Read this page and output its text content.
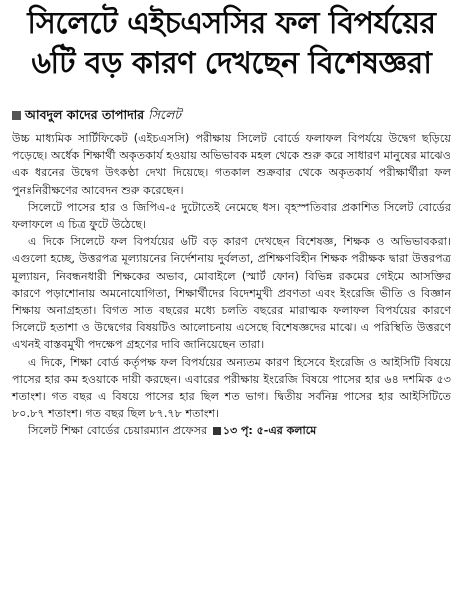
সিলেটে এইচএসসির ফল বিপর্যয়ের
৬টি বড় কারণ দেখছেন বিশেষজ্ঞরা
আবদুল কাদের তাপাদার সিলেট

উচ্চ মাধ্যমিক সার্টিফিকেট (এইচএসসি) পরীক্ষায় সিলেট বোর্ডে ফলাফল বিপর্যয়ে উদ্বেগ ছড়িয়ে পড়েছে। অর্ধেক শিক্ষার্থী অকৃতকার্য হওয়ায় অভিভাবক মহল থেকে শুরু করে সাধারণ মানুষের মাঝেও এক ধরনের উদ্বেগ উৎকণ্ঠা দেখা দিয়েছে। গতকাল শুক্রবার থেকে অকৃতকার্য পরীক্ষার্থীরা ফল পুনঃনিরীক্ষণের আবেদন শুরু করেছেন।

সিলেটে পাসের হার ও জিপিএ-৫ দুটোতেই নেমেছে ধস। বৃহস্পতিবার প্রকাশিত সিলেট বোর্ডের ফলাফলে এ চিত্র ফুটে উঠেছে।

এ দিকে সিলেটে ফল বিপর্যয়ের ৬টি বড় কারণ দেখছেন বিশেষজ্ঞ, শিক্ষক ও অভিভাবকরা। এগুলো হচ্ছে, উত্তরপত্র মূল্যায়নের নির্দেশনায় দুর্বলতা, প্রশিক্ষণবিহীন শিক্ষক পরীক্ষক দ্বারা উত্তরপত্র মূল্যায়ন, নিবন্ধনধারী শিক্ষকের অভাব, মোবাইলে (স্মার্ট ফোন) বিভিন্ন রকমের গেইমে আসক্তির কারণে পড়াশোনায় অমনোযোগিতা, শিক্ষার্থীদের বিদেশমুখী প্রবণতা এবং ইংরেজি ভীতি ও বিজ্ঞান শিক্ষায় অনাগ্রহতা। বিগত সাত বছরের মধ্যে চলতি বছরের মারাত্মক ফলাফল বিপর্যয়ের কারণে সিলেটে হতাশা ও উদ্বেগের বিষয়টিও আলোচনায় এসেছে বিশেষজ্ঞদের মাঝে। এ পরিস্থিতি উত্তরণে এখনই বাস্তবমুখী পদক্ষেপ গ্রহণের দাবি জানিয়েছেন তারা।

এ দিকে, শিক্ষা বোর্ড কর্তৃপক্ষ ফল বিপর্যয়ের অন্যতম কারণ হিসেবে ইংরেজি ও আইসিটি বিষয়ে পাসের হার কম হওয়াকে দায়ী করছেন। এবারের পরীক্ষায় ইংরেজি বিষয়ে পাসের হার ৬৪ দশমিক ৫৩ শতাংশ। গত বছর এ বিষয়ে পাসের হার ছিল শত ভাগ। দ্বিতীয় সর্বনিম্ন পাসের হার আইসিটিতে ৮০.৮৭ শতাংশ। গত বছর ছিল ৮৭.৭৮ শতাংশ।

সিলেট শিক্ষা বোর্ডের চেয়ারম্যান প্রফেসর ১৩ পৃ: ৫-এর কলামে
